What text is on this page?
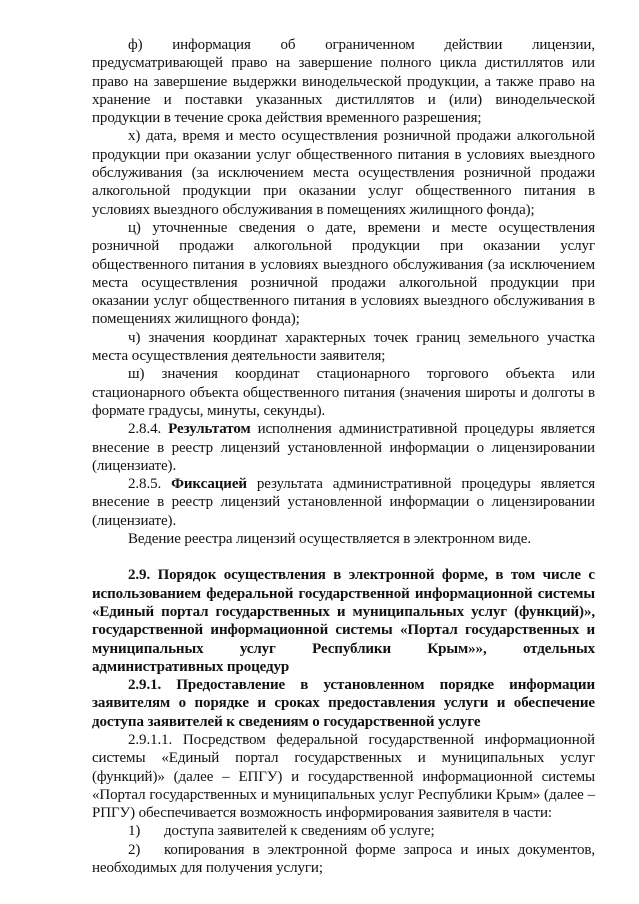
ф) информация об ограниченном действии лицензии, предусматривающей право на завершение полного цикла дистиллятов или право на завершение выдержки винодельческой продукции, а также право на хранение и поставки указанных дистиллятов и (или) винодельческой продукции в течение срока действия временного разрешения;

х) дата, время и место осуществления розничной продажи алкогольной продукции при оказании услуг общественного питания в условиях выездного обслуживания (за исключением места осуществления розничной продажи алкогольной продукции при оказании услуг общественного питания в условиях выездного обслуживания в помещениях жилищного фонда);

ц) уточненные сведения о дате, времени и месте осуществления розничной продажи алкогольной продукции при оказании услуг общественного питания в условиях выездного обслуживания (за исключением места осуществления розничной продажи алкогольной продукции при оказании услуг общественного питания в условиях выездного обслуживания в помещениях жилищного фонда);

ч) значения координат характерных точек границ земельного участка места осуществления деятельности заявителя;

ш) значения координат стационарного торгового объекта или стационарного объекта общественного питания (значения широты и долготы в формате градусы, минуты, секунды).

2.8.4. Результатом исполнения административной процедуры является внесение в реестр лицензий установленной информации о лицензировании (лицензиате).

2.8.5. Фиксацией результата административной процедуры является внесение в реестр лицензий установленной информации о лицензировании (лицензиате).

Ведение реестра лицензий осуществляется в электронном виде.

2.9. Порядок осуществления в электронной форме, в том числе с использованием федеральной государственной информационной системы «Единый портал государственных и муниципальных услуг (функций)», государственной информационной системы «Портал государственных и муниципальных услуг Республики Крым»», отдельных административных процедур

2.9.1. Предоставление в установленном порядке информации заявителям о порядке и сроках предоставления услуги и обеспечение доступа заявителей к сведениям о государственной услуге

2.9.1.1. Посредством федеральной государственной информационной системы «Единый портал государственных и муниципальных услуг (функций)» (далее – ЕПГУ) и государственной информационной системы «Портал государственных и муниципальных услуг Республики Крым» (далее – РПГУ) обеспечивается возможность информирования заявителя в части:

1) доступа заявителей к сведениям об услуге;

2) копирования в электронной форме запроса и иных документов, необходимых для получения услуги;
